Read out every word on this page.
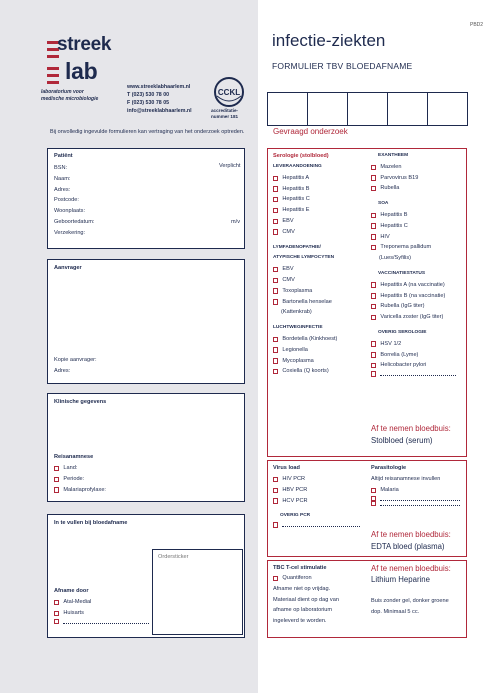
PBD2
streek
lab
laboratorium voor
medische microbiologie
www.streeklabhaarlem.nl
T (023) 530 78 00
F (023) 530 78 05
info@streeklabhaarlem.nl
CCKL
accreditatie-
nummer 181
infectie-ziekten
FORMULIER TBV BLOEDAFNAME
Bij onvolledig ingevulde formulieren kan vertraging van het onderzoek optreden.	Gevraagd onderzoek
Patiënt
Verplicht
BSN:
Naam:
Adres:
Postcode:
Woonplaats:
Geboortedatum:
Verzekering:
m/v
Aanvrager
Kopie aanvrager:
Adres:
Klinische gegevens
Reisanamnese
Land:
Periode:
Malariaprofylaxe:
In te vullen bij bloedafname
Ordersticker
Afname door
Atal-Medial
Huisarts
Serologie (stolbloed)
LEVERAANDOENING
Hepatitis A
Hepatitis B
Hepatitis C
Hepatitis E
EBV
CMV
LYMFADENOPATHIE/
ATYPISCHE LYMFOCYTEN
EBV
CMV
Toxoplasma
Bartonella henselae
(Kattenkrab)
LUCHTWEGINFECTIE
Bordetella (Kinkhoest)
Legionella
Mycoplasma
Coxiella (Q koorts)
EXANTHEEM
Mazelen
Parvovirus B19
Rubella
SOA
Hepatitis B
Hepatitis C
HIV
Treponema pallidum
(Lues/Syfilis)
VACCINATIESTATUS
Hepatitis A (na vaccinatie)
Hepatitis B (na vaccinatie)
Rubella (IgG titer)
Varicella zoster (IgG titer)
OVERIG SEROLOGIE
HSV 1/2
Borrelia (Lyme)
Helicobacter pylori
Af te nemen bloedbuis:
Stolbloed (serum)
Virus load
HIV PCR
HBV PCR
HCV PCR
OVERIG PCR
Parasitologie
Altijd reisanamnese invullen
Malaria
Af te nemen bloedbuis:
EDTA bloed (plasma)
TBC T-cel stimulatie
Quantiferon
Afname niet op vrijdag.
Materiaal dient op dag van
afname op laboratorium
ingeleverd te worden.
Af te nemen bloedbuis:
Lithium Heparine
Buis zonder gel, donker groene
dop. Minimaal 5 cc.
